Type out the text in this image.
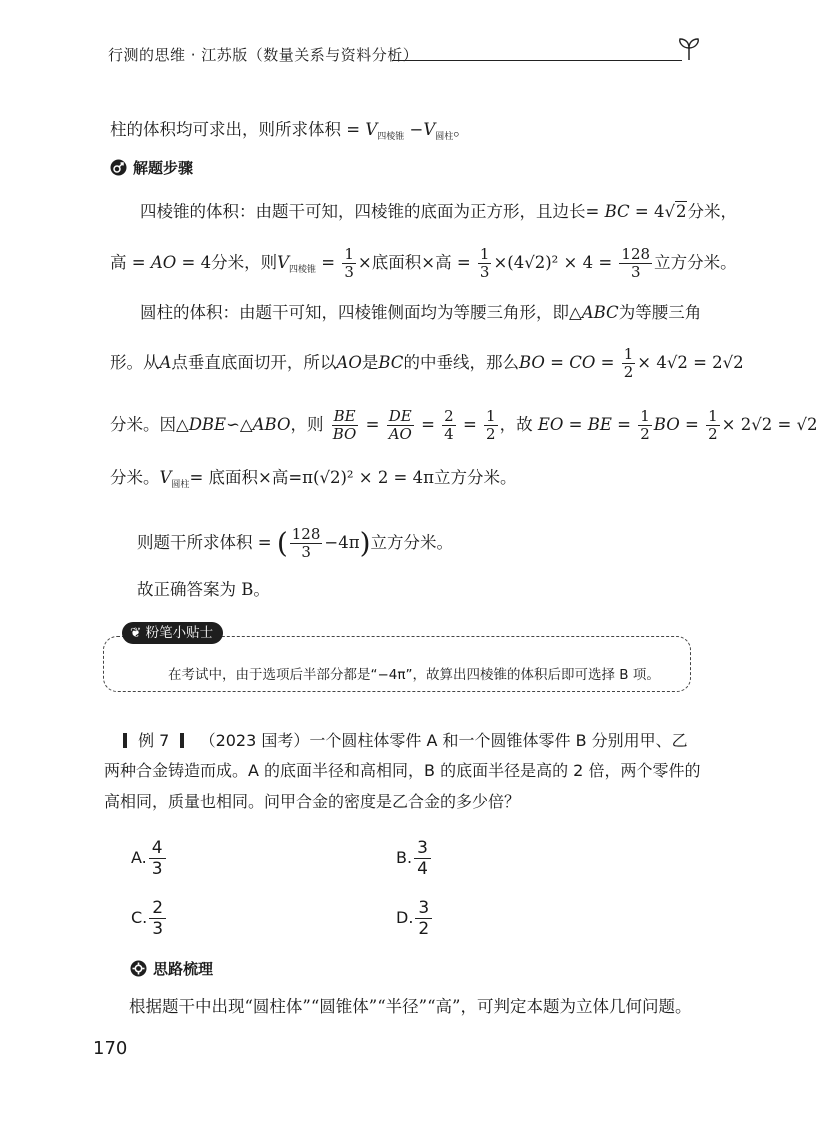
行测的思维 · 江苏版（数量关系与资料分析）
柱的体积均可求出，则所求体积 = $V_{四棱锥} -V_{圆柱}$。
解题步骤
四棱锥的体积：由题干可知，四棱锥的底面为正方形，且边长= BC = 4√2分米，
高 = AO = 4分米，则$V_{四棱锥} = \frac{1}{3}$ ×底面积×高 = $\frac{1}{3} \times(4√2)^2 \times 4 = \frac{128}{3}$ 立方分米。
圆柱的体积：由题干可知，四棱锥侧面均为等腰三角形，即△ABC为等腰三角
形。从A点垂直底面切开，所以AO是BC的中垂线，那么BO = CO = $\frac{1}{2} \times 4√2 = 2√2$
分米。因△DBE∽△ABO，则 $\frac{BE}{BO} = \frac{DE}{AO} = \frac{2}{4} = \frac{1}{2}$ ，故 EO = BE = $\frac{1}{2}$ BO = $\frac{1}{2} \times 2√2 = √2$
分米。$V_{圆柱}=$ 底面积×高=π(√2)² × 2 = 4π立方分米。
则题干所求体积 = ( $\frac{128}{3} -4\pi$)立方分米。
故正确答案为 B。
❦ 粉笔小贴士
在考试中，由于选项后半部分都是“−4π”，故算出四棱锥的体积后即可选择 B 项。
例 7 （2023 国考）一个圆柱体零件 A 和一个圆锥体零件 B 分别用甲、乙
两种合金铸造而成。A 的底面半径和高相同，B 的底面半径是高的 2 倍，两个零件的
高相同，质量也相同。问甲合金的密度是乙合金的多少倍？
A. $\frac{4}{3}$	B. $\frac{3}{4}$
C. $\frac{2}{3}$	D. $\frac{3}{2}$
思路梳理
根据题干中出现“圆柱体”“圆锥体”“半径”“高”，可判定本题为立体几何问题。
170
